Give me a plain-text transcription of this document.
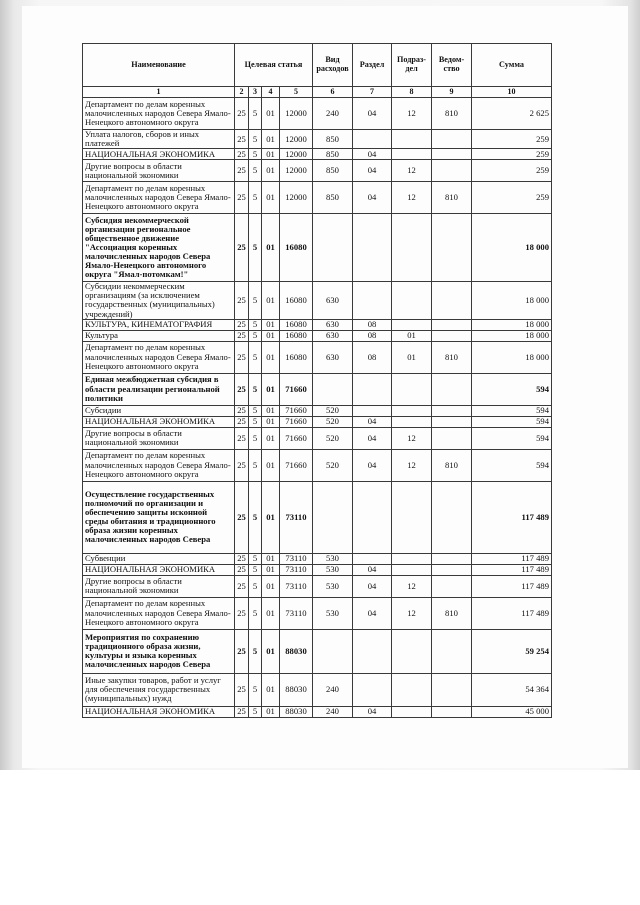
Наименование	Целевая статья				Вид расходов	Раздел	Подраз-дел	Ведом-ство	Сумма
1	2	3	4	5	6	7	8	9	10
Департамент по делам коренных малочисленных народов Севера Ямало-Ненецкого автономного округа	25	5	01	12000	240	04	12	810	2 625
Уплата налогов, сборов и иных платежей	25	5	01	12000	850				259
НАЦИОНАЛЬНАЯ ЭКОНОМИКА	25	5	01	12000	850	04			259
Другие вопросы в области национальной экономики	25	5	01	12000	850	04	12		259
Департамент по делам коренных малочисленных народов Севера Ямало-Ненецкого автономного округа	25	5	01	12000	850	04	12	810	259
Субсидия некоммерческой организации региональное общественное движение "Ассоциация коренных малочисленных народов Севера Ямало-Ненецкого автономного округа "Ямал-потомкам!"	25	5	01	16080					18 000
Субсидии некоммерческим организациям (за исключением государственных (муниципальных) учреждений)	25	5	01	16080	630				18 000
КУЛЬТУРА, КИНЕМАТОГРАФИЯ	25	5	01	16080	630	08			18 000
Культура	25	5	01	16080	630	08	01		18 000
Департамент по делам коренных малочисленных народов Севера Ямало-Ненецкого автономного округа	25	5	01	16080	630	08	01	810	18 000
Единая межбюджетная субсидия в области реализации региональной политики	25	5	01	71660					594
Субсидии	25	5	01	71660	520				594
НАЦИОНАЛЬНАЯ ЭКОНОМИКА	25	5	01	71660	520	04			594
Другие вопросы в области национальной экономики	25	5	01	71660	520	04	12		594
Департамент по делам коренных малочисленных народов Севера Ямало-Ненецкого автономного округа	25	5	01	71660	520	04	12	810	594
Осуществление государственных полномочий по организации и обеспечению защиты исконной среды обитания и традиционного образа жизни коренных малочисленных народов Севера	25	5	01	73110					117 489
Субвенции	25	5	01	73110	530				117 489
НАЦИОНАЛЬНАЯ ЭКОНОМИКА	25	5	01	73110	530	04			117 489
Другие вопросы в области национальной экономики	25	5	01	73110	530	04	12		117 489
Департамент по делам коренных малочисленных народов Севера Ямало-Ненецкого автономного округа	25	5	01	73110	530	04	12	810	117 489
Мероприятия по сохранению традиционного образа жизни, культуры и языка коренных малочисленных народов Севера	25	5	01	88030					59 254
Иные закупки товаров, работ и услуг для обеспечения государственных (муниципальных) нужд	25	5	01	88030	240				54 364
НАЦИОНАЛЬНАЯ ЭКОНОМИКА	25	5	01	88030	240	04			45 000
